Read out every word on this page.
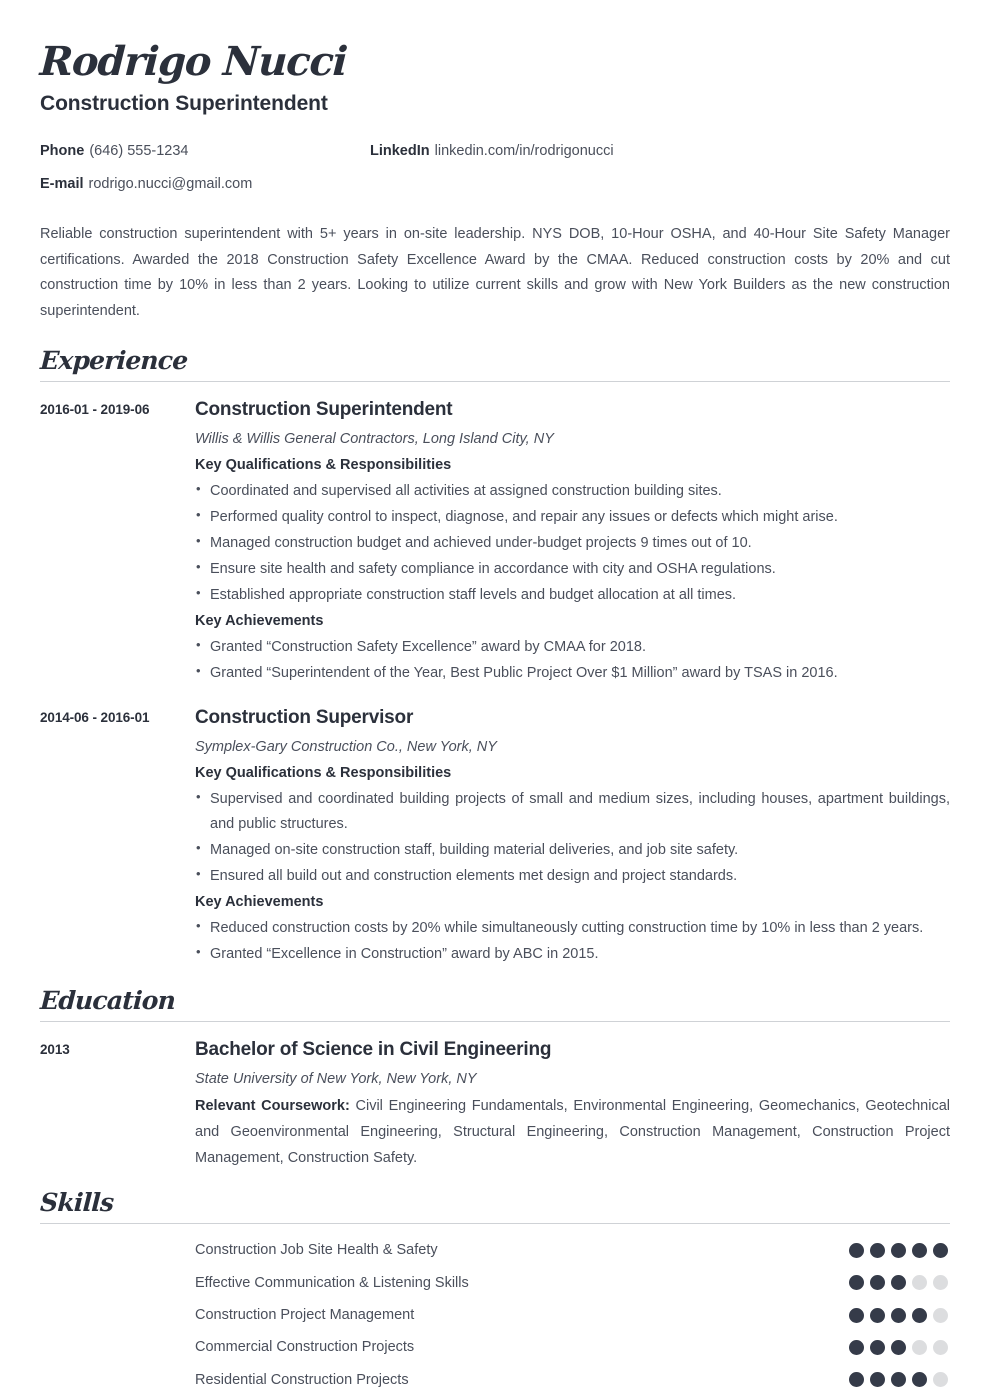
Rodrigo Nucci
Construction Superintendent
Phone (646) 555-1234	LinkedIn linkedin.com/in/rodrigonucci
E-mail rodrigo.nucci@gmail.com
Reliable construction superintendent with 5+ years in on-site leadership. NYS DOB, 10-Hour OSHA, and 40-Hour Site Safety Manager certifications. Awarded the 2018 Construction Safety Excellence Award by the CMAA. Reduced construction costs by 20% and cut construction time by 10% in less than 2 years. Looking to utilize current skills and grow with New York Builders as the new construction superintendent.
Experience
2016-01 - 2019-06	Construction Superintendent
Willis & Willis General Contractors, Long Island City, NY
Key Qualifications & Responsibilities
• Coordinated and supervised all activities at assigned construction building sites.
• Performed quality control to inspect, diagnose, and repair any issues or defects which might arise.
• Managed construction budget and achieved under-budget projects 9 times out of 10.
• Ensure site health and safety compliance in accordance with city and OSHA regulations.
• Established appropriate construction staff levels and budget allocation at all times.
Key Achievements
• Granted “Construction Safety Excellence” award by CMAA for 2018.
• Granted “Superintendent of the Year, Best Public Project Over $1 Million” award by TSAS in 2016.
2014-06 - 2016-01	Construction Supervisor
Symplex-Gary Construction Co., New York, NY
Key Qualifications & Responsibilities
• Supervised and coordinated building projects of small and medium sizes, including houses, apartment buildings, and public structures.
• Managed on-site construction staff, building material deliveries, and job site safety.
• Ensured all build out and construction elements met design and project standards.
Key Achievements
• Reduced construction costs by 20% while simultaneously cutting construction time by 10% in less than 2 years.
• Granted “Excellence in Construction” award by ABC in 2015.
Education
2013	Bachelor of Science in Civil Engineering
State University of New York, New York, NY
Relevant Coursework: Civil Engineering Fundamentals, Environmental Engineering, Geomechanics, Geotechnical and Geoenvironmental Engineering, Structural Engineering, Construction Management, Construction Project Management, Construction Safety.
Skills
Construction Job Site Health & Safety
Effective Communication & Listening Skills
Construction Project Management
Commercial Construction Projects
Residential Construction Projects
